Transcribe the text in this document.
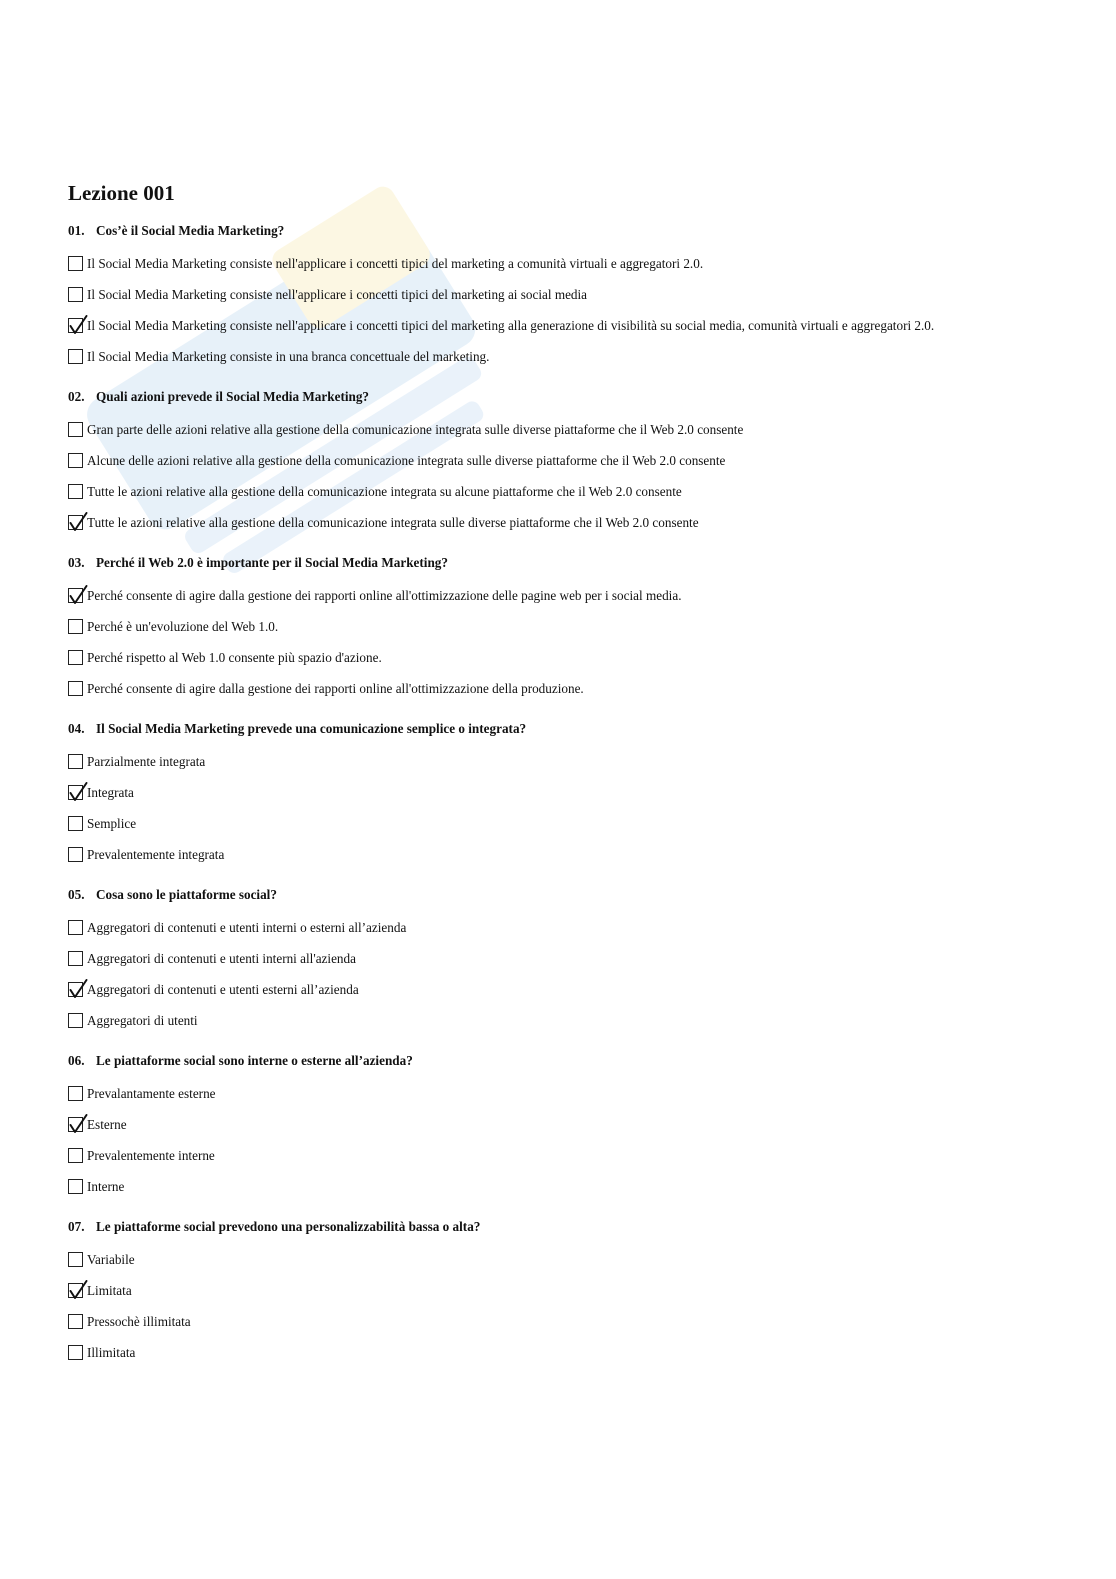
Lezione 001
01. Cos’è il Social Media Marketing?
Il Social Media Marketing consiste nell'applicare i concetti tipici del marketing a comunità virtuali e aggregatori 2.0.
Il Social Media Marketing consiste nell'applicare i concetti tipici del marketing ai social media
Il Social Media Marketing consiste nell'applicare i concetti tipici del marketing alla generazione di visibilità su social media, comunità virtuali e aggregatori 2.0.
Il Social Media Marketing consiste in una branca concettuale del marketing.
02. Quali azioni prevede il Social Media Marketing?
Gran parte delle azioni relative alla gestione della comunicazione integrata sulle diverse piattaforme che il Web 2.0 consente
Alcune delle azioni relative alla gestione della comunicazione integrata sulle diverse piattaforme che il Web 2.0 consente
Tutte le azioni relative alla gestione della comunicazione integrata su alcune piattaforme che il Web 2.0 consente
Tutte le azioni relative alla gestione della comunicazione integrata sulle diverse piattaforme che il Web 2.0 consente
03. Perché il Web 2.0 è importante per il Social Media Marketing?
Perché consente di agire dalla gestione dei rapporti online all'ottimizzazione delle pagine web per i social media.
Perché è un'evoluzione del Web 1.0.
Perché rispetto al Web 1.0 consente più spazio d'azione.
Perché consente di agire dalla gestione dei rapporti online all'ottimizzazione della produzione.
04. Il Social Media Marketing prevede una comunicazione semplice o integrata?
Parzialmente integrata
Integrata
Semplice
Prevalentemente integrata
05. Cosa sono le piattaforme social?
Aggregatori di contenuti e utenti interni o esterni all’azienda
Aggregatori di contenuti e utenti interni all'azienda
Aggregatori di contenuti e utenti esterni all’azienda
Aggregatori di utenti
06. Le piattaforme social sono interne o esterne all’azienda?
Prevalantamente esterne
Esterne
Prevalentemente interne
Interne
07. Le piattaforme social prevedono una personalizzabilità bassa o alta?
Variabile
Limitata
Pressochè illimitata
Illimitata
